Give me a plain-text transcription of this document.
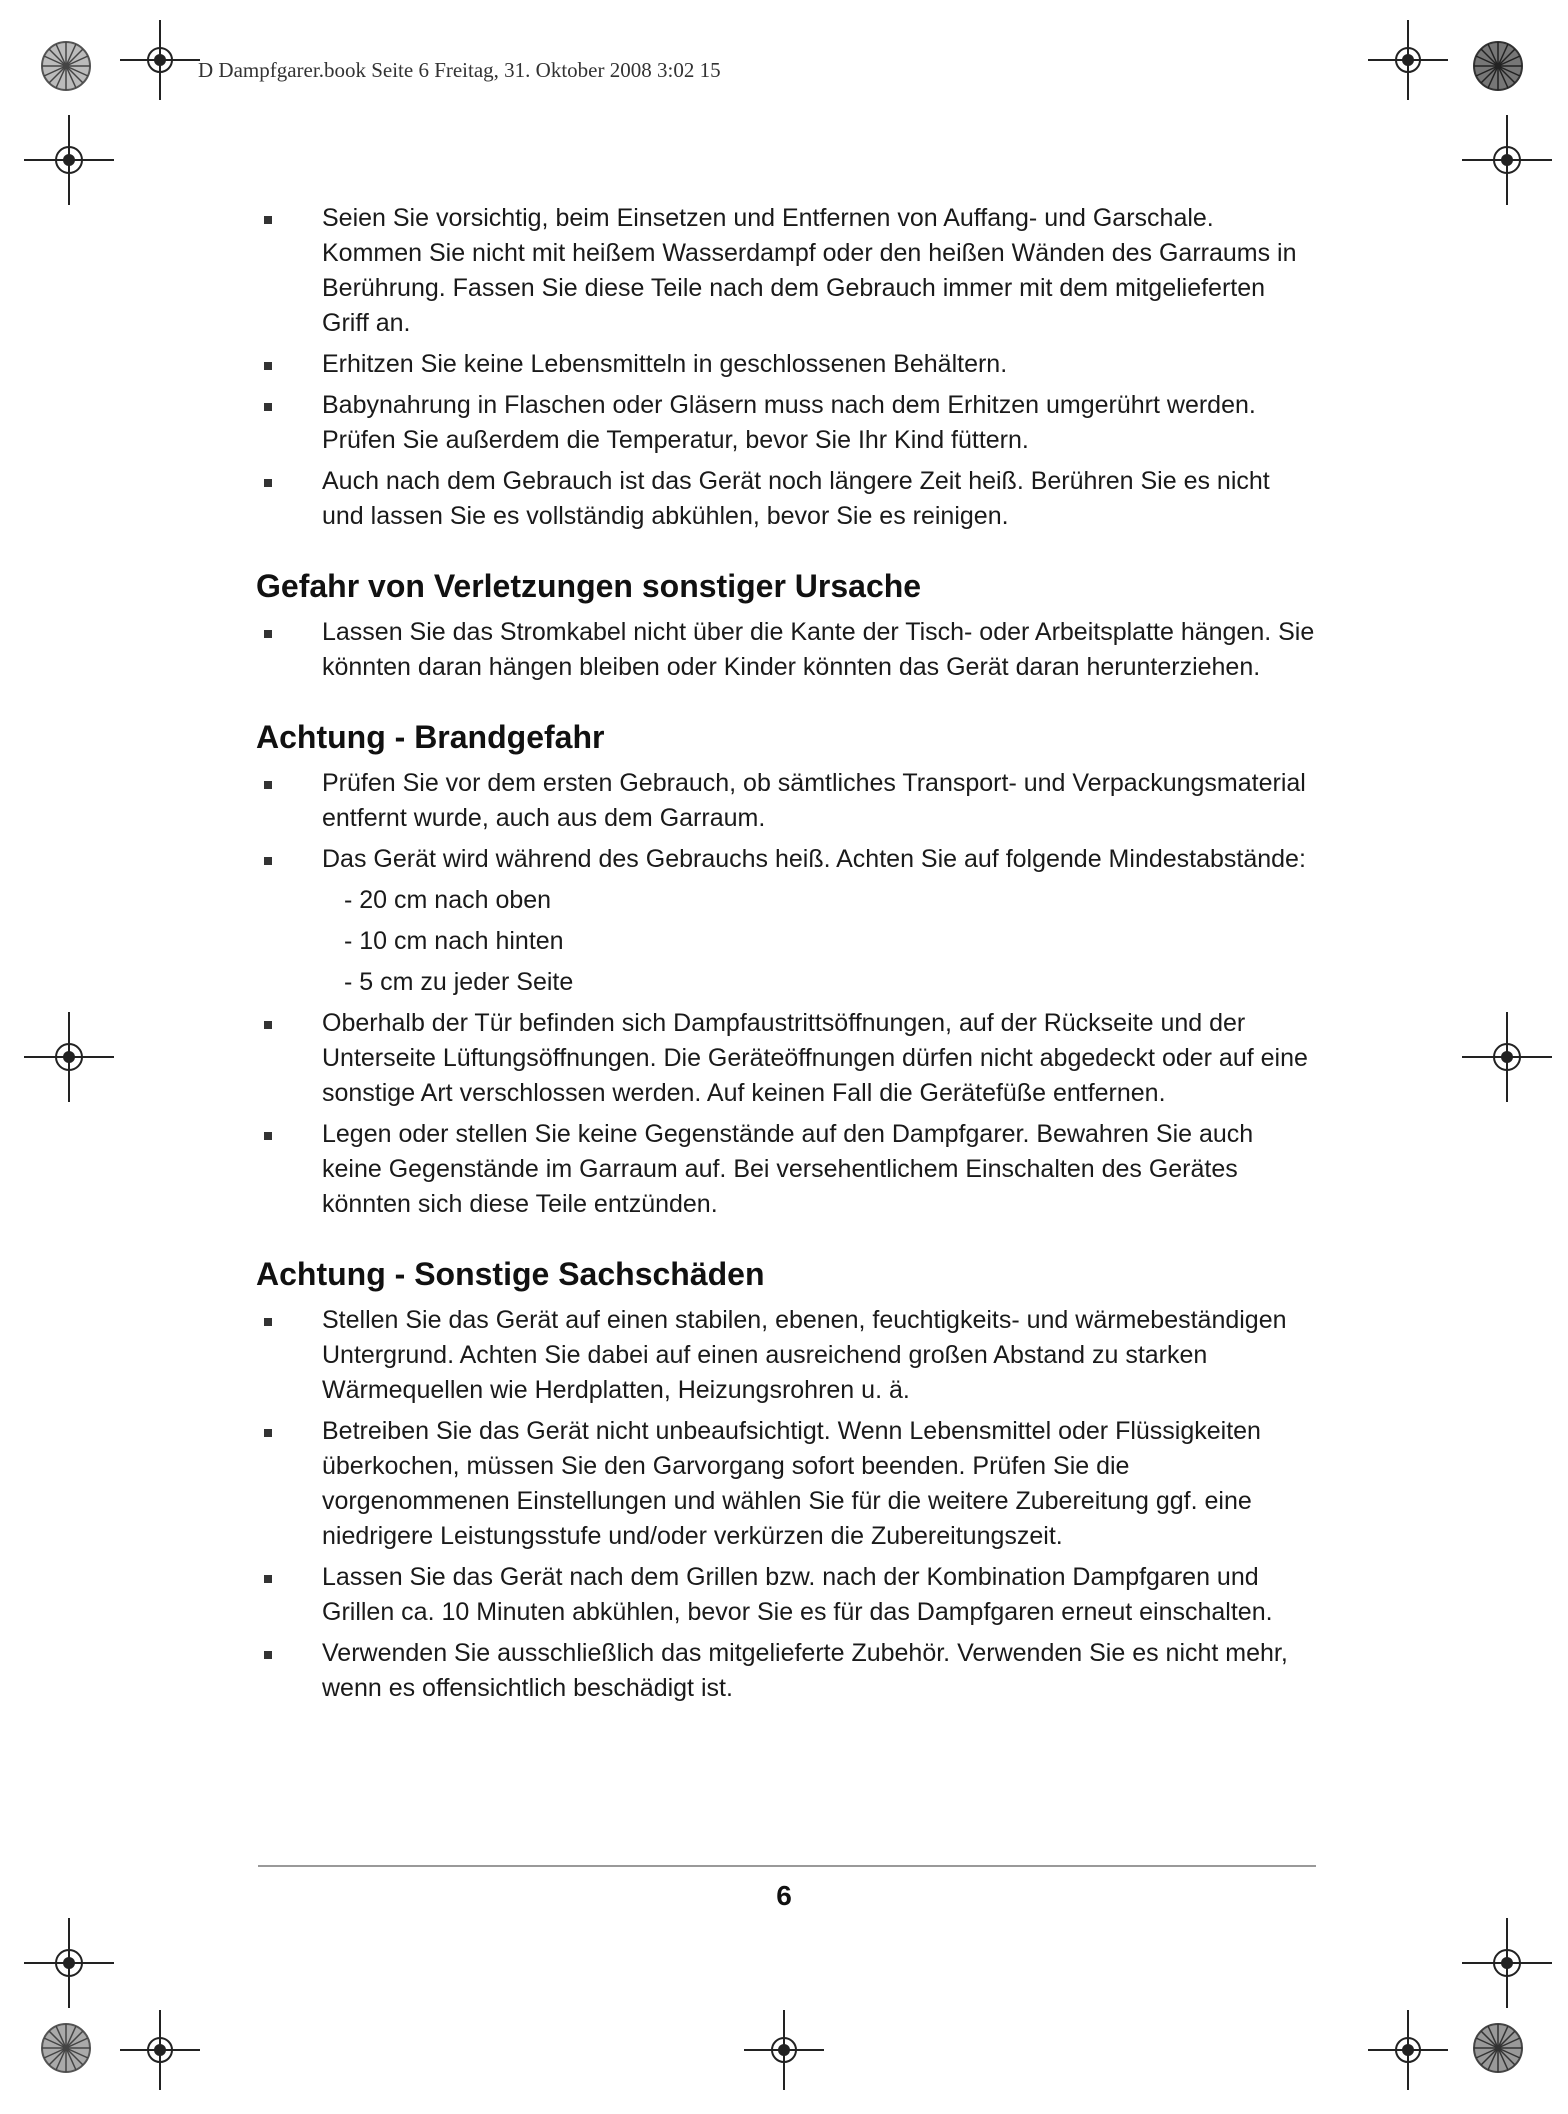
D Dampfgarer.book Seite 6 Freitag, 31. Oktober 2008 3:02 15
Seien Sie vorsichtig, beim Einsetzen und Entfernen von Auffang- und Garschale. Kommen Sie nicht mit heißem Wasserdampf oder den heißen Wänden des Garraums in Berührung. Fassen Sie diese Teile nach dem Gebrauch immer mit dem mitgelieferten Griff an.
Erhitzen Sie keine Lebensmitteln in geschlossenen Behältern.
Babynahrung in Flaschen oder Gläsern muss nach dem Erhitzen umgerührt werden. Prüfen Sie außerdem die Temperatur, bevor Sie Ihr Kind füttern.
Auch nach dem Gebrauch ist das Gerät noch längere Zeit heiß. Berühren Sie es nicht und lassen Sie es vollständig abkühlen, bevor Sie es reinigen.
Gefahr von Verletzungen sonstiger Ursache
Lassen Sie das Stromkabel nicht über die Kante der Tisch- oder Arbeitsplatte hängen. Sie könnten daran hängen bleiben oder Kinder könnten das Gerät daran herunterziehen.
Achtung - Brandgefahr
Prüfen Sie vor dem ersten Gebrauch, ob sämtliches Transport- und Verpackungsmaterial entfernt wurde, auch aus dem Garraum.
Das Gerät wird während des Gebrauchs heiß. Achten Sie auf folgende Mindestabstände:
- 20 cm nach oben
- 10 cm nach hinten
- 5 cm zu jeder Seite
Oberhalb der Tür befinden sich Dampfaustrittsöffnungen, auf der Rückseite und der Unterseite Lüftungsöffnungen. Die Geräteöffnungen dürfen nicht abgedeckt oder auf eine sonstige Art verschlossen werden. Auf keinen Fall die Gerätefüße entfernen.
Legen oder stellen Sie keine Gegenstände auf den Dampfgarer. Bewahren Sie auch keine Gegenstände im Garraum auf. Bei versehentlichem Einschalten des Gerätes könnten sich diese Teile entzünden.
Achtung - Sonstige Sachschäden
Stellen Sie das Gerät auf einen stabilen, ebenen, feuchtigkeits- und wärmebeständigen Untergrund. Achten Sie dabei auf einen ausreichend großen Abstand zu starken Wärmequellen wie Herdplatten, Heizungsrohren u. ä.
Betreiben Sie das Gerät nicht unbeaufsichtigt. Wenn Lebensmittel oder Flüssigkeiten überkochen, müssen Sie den Garvorgang sofort beenden. Prüfen Sie die vorgenommenen Einstellungen und wählen Sie für die weitere Zubereitung ggf. eine niedrigere Leistungsstufe und/oder verkürzen die Zubereitungszeit.
Lassen Sie das Gerät nach dem Grillen bzw. nach der Kombination Dampfgaren und Grillen ca. 10 Minuten abkühlen, bevor Sie es für das Dampfgaren erneut einschalten.
Verwenden Sie ausschließlich das mitgelieferte Zubehör. Verwenden Sie es nicht mehr, wenn es offensichtlich beschädigt ist.
6
